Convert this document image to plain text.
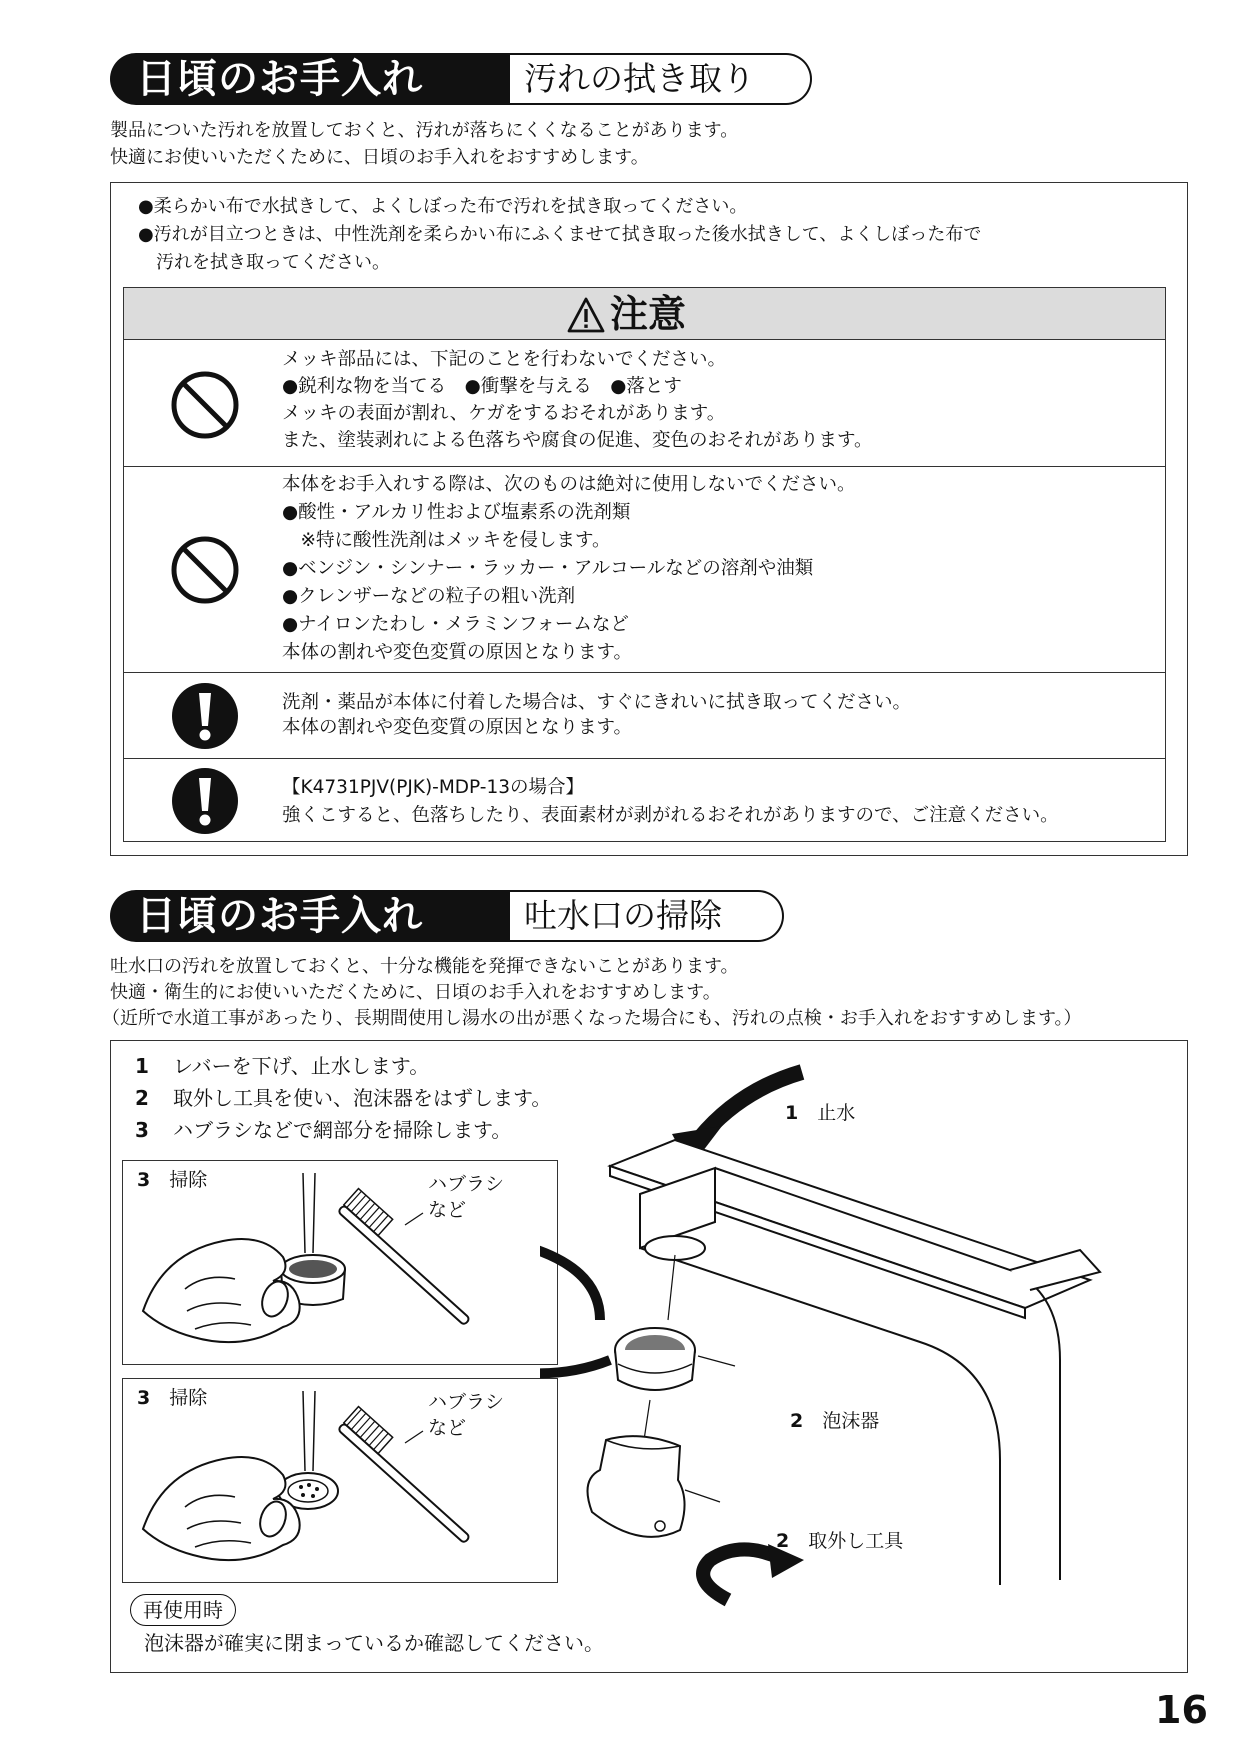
日頃のお手入れ	汚れの拭き取り
製品についた汚れを放置しておくと、汚れが落ちにくくなることがあります。
快適にお使いいただくために、日頃のお手入れをおすすめします。
●柔らかい布で水拭きして、よくしぼった布で汚れを拭き取ってください。
●汚れが目立つときは、中性洗剤を柔らかい布にふくませて拭き取った後水拭きして、よくしぼった布で
　汚れを拭き取ってください。
注意
メッキ部品には、下記のことを行わないでください。
●鋭利な物を当てる　●衝撃を与える　●落とす
メッキの表面が割れ、ケガをするおそれがあります。
また、塗装剥れによる色落ちや腐食の促進、変色のおそれがあります。
本体をお手入れする際は、次のものは絶対に使用しないでください。
●酸性・アルカリ性および塩素系の洗剤類
　※特に酸性洗剤はメッキを侵します。
●ベンジン・シンナー・ラッカー・アルコールなどの溶剤や油類
●クレンザーなどの粒子の粗い洗剤
●ナイロンたわし・メラミンフォームなど
本体の割れや変色変質の原因となります。
洗剤・薬品が本体に付着した場合は、すぐにきれいに拭き取ってください。
本体の割れや変色変質の原因となります。
【K4731PJV(PJK)-MDP-13の場合】
強くこすると、色落ちしたり、表面素材が剥がれるおそれがありますので、ご注意ください。
日頃のお手入れ	吐水口の掃除
吐水口の汚れを放置しておくと、十分な機能を発揮できないことがあります。
快適・衛生的にお使いいただくために、日頃のお手入れをおすすめします。
（近所で水道工事があったり、長期間使用し湯水の出が悪くなった場合にも、汚れの点検・お手入れをおすすめします。）
1 レバーを下げ、止水します。
2 取外し工具を使い、泡沫器をはずします。
3 ハブラシなどで網部分を掃除します。
3　 掃除	ハブラシ
など
3　 掃除	ハブラシ
など
1　 止水
2　 泡沫器
2　 取外し工具
再使用時
泡沫器が確実に閉まっているか確認してください。
16
